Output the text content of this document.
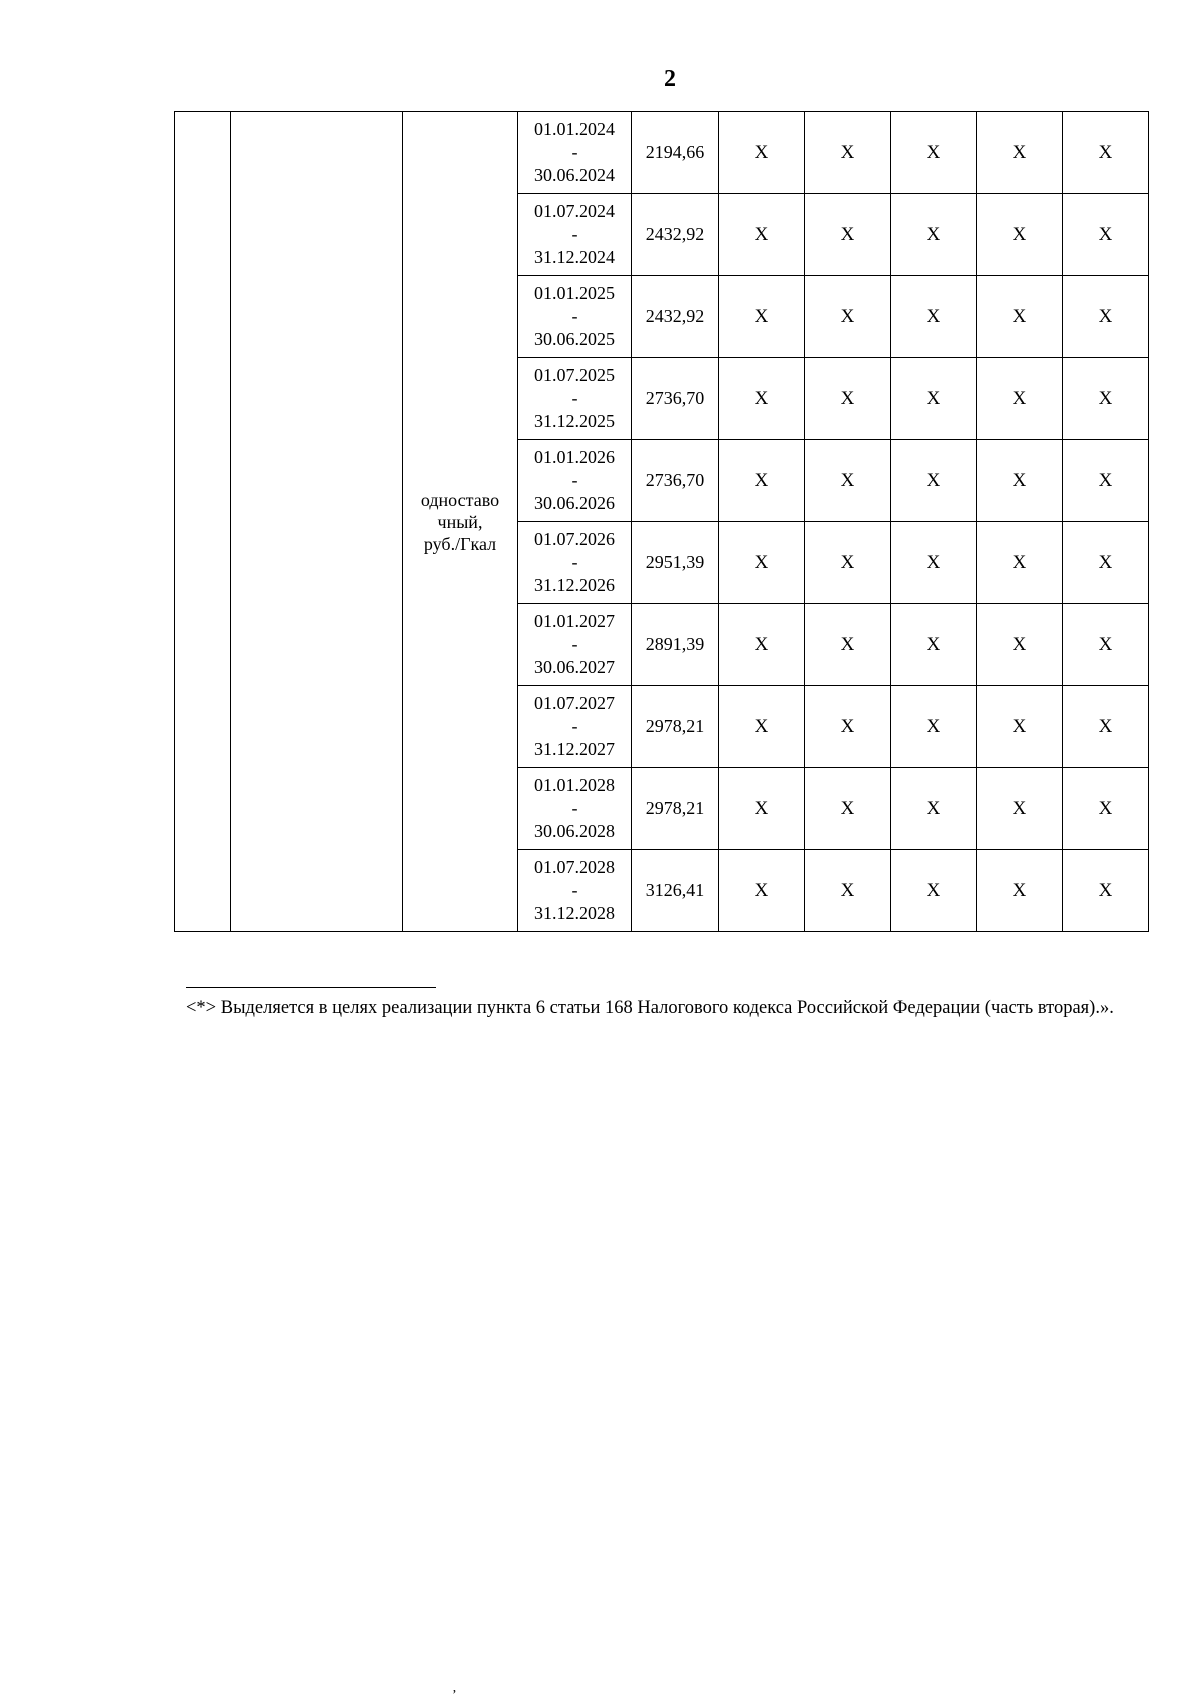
2

		одноставо
чный,
руб./Гкал	01.01.2024
-
30.06.2024	2194,66	X	X	X	X	X

			01.07.2024
-
31.12.2024	2432,92	X	X	X	X	X

			01.01.2025
-
30.06.2025	2432,92	X	X	X	X	X

			01.07.2025
-
31.12.2025	2736,70	X	X	X	X	X

			01.01.2026
-
30.06.2026	2736,70	X	X	X	X	X

			01.07.2026
-
31.12.2026	2951,39	X	X	X	X	X

			01.01.2027
-
30.06.2027	2891,39	X	X	X	X	X

			01.07.2027
-
31.12.2027	2978,21	X	X	X	X	X

			01.01.2028
-
30.06.2028	2978,21	X	X	X	X	X

			01.07.2028
-
31.12.2028	3126,41	X	X	X	X	X
<*> Выделяется в целях реализации пункта 6 статьи 168 Налогового кодекса Российской Федерации (часть вторая).».
ʼ
